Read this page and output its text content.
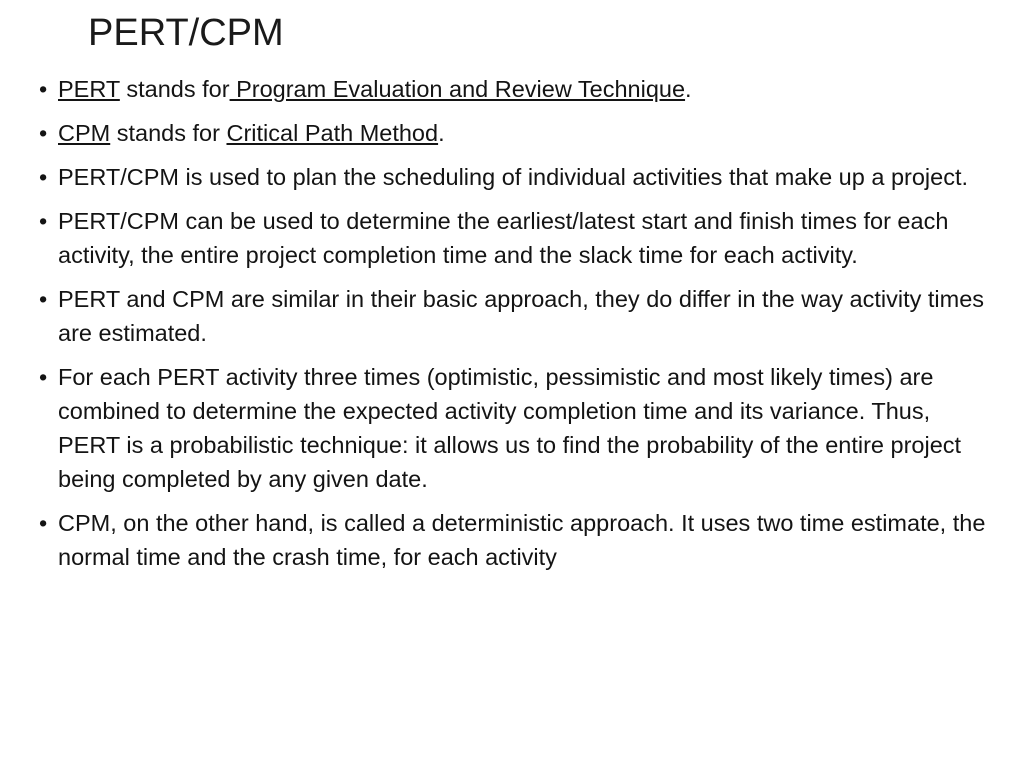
PERT/CPM
• PERT stands for Program Evaluation and Review Technique.
• CPM stands for Critical Path Method.
• PERT/CPM is used to plan the scheduling of individual activities that make up a project.
• PERT/CPM can be used to determine the earliest/latest start and finish times for each activity, the entire project completion time and the slack time for each activity.
• PERT and CPM are similar in their basic approach, they do differ in the way activity times are estimated.
• For each PERT activity three times (optimistic, pessimistic and most likely times) are combined to determine the expected activity completion time and its variance. Thus, PERT is a probabilistic technique: it allows us to find the probability of the entire project being completed by any given date.
• CPM, on the other hand, is called a deterministic approach. It uses two time estimate, the normal time and the crash time, for each activity
